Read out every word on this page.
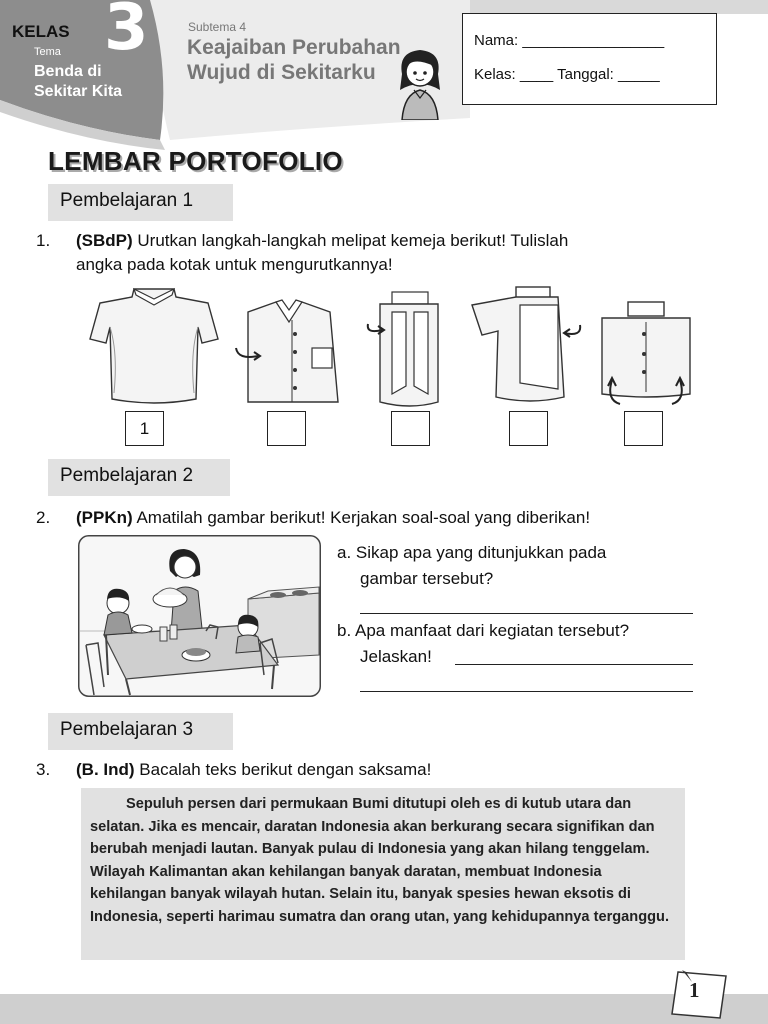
KELAS 3
Tema
Benda di Sekitar Kita
Subtema 4
Keajaiban Perubahan Wujud di Sekitarku
Nama: _________________
Kelas: ____ Tanggal: _____
LEMBAR PORTOFOLIO
Pembelajaran 1
1. (SBdP) Urutkan langkah-langkah melipat kemeja berikut! Tulislah
angka pada kotak untuk mengurutkannya!
1
Pembelajaran 2
2. (PPKn) Amatilah gambar berikut! Kerjakan soal-soal yang diberikan!
a. Sikap apa yang ditunjukkan pada
gambar tersebut?
b. Apa manfaat dari kegiatan tersebut?
Jelaskan!
Pembelajaran 3
3. (B. Ind) Bacalah teks berikut dengan saksama!

Sepuluh persen dari permukaan Bumi ditutupi oleh es di kutub utara dan selatan. Jika es mencair, daratan Indonesia akan berkurang secara signifikan dan berubah menjadi lautan. Banyak pulau di Indonesia yang akan hilang tenggelam. Wilayah Kalimantan akan kehilangan banyak daratan, membuat Indonesia kehilangan banyak wilayah hutan. Selain itu, banyak spesies hewan eksotis di Indonesia, seperti harimau sumatra dan orang utan, yang kehidupannya terganggu.

1
